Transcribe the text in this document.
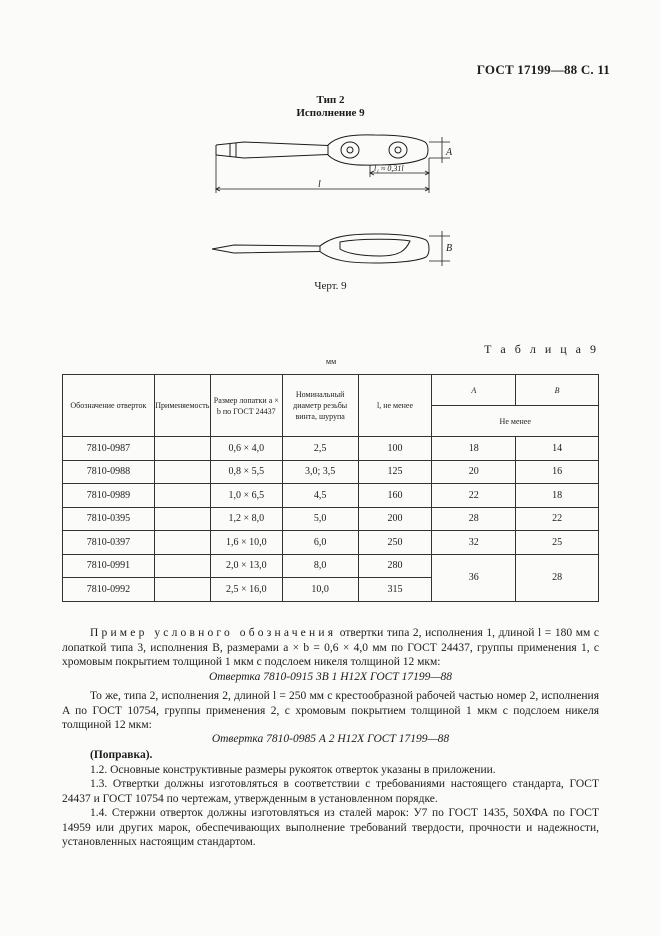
ГОСТ 17199—88 С. 11
Тип 2
Исполнение 9
A
B
l
l₁ ≈ 0,31l
Черт. 9
Т а б л и ц а 9
мм
Обозначение отверток	Применяемость	Размер лопатки a × b по ГОСТ 24437	Номинальный диаметр резьбы винта, шурупа	l, не менее	A	B
					Не менее	
7810-0987		0,6 × 4,0	2,5	100	18	14
7810-0988		0,8 × 5,5	3,0; 3,5	125	20	16
7810-0989		1,0 × 6,5	4,5	160	22	18
7810-0395		1,2 × 8,0	5,0	200	28	22
7810-0397		1,6 × 10,0	6,0	250	32	25
7810-0991		2,0 × 13,0	8,0	280	36	28
7810-0992		2,5 × 16,0	10,0	315		
Пример условного обозначения отвертки типа 2, исполнения 1, длиной l = 180 мм с лопаткой типа 3, исполнения B, размерами a × b = 0,6 × 4,0 мм по ГОСТ 24437, группы применения 1, с хромовым покрытием толщиной 1 мкм с подслоем никеля толщиной 12 мкм:
Отвертка 7810-0915 3В 1 Н12Х ГОСТ 17199—88
То же, типа 2, исполнения 2, длиной l = 250 мм с крестообразной рабочей частью номер 2, исполнения A по ГОСТ 10754, группы применения 2, с хромовым покрытием толщиной 1 мкм с подслоем никеля толщиной 12 мкм:
Отвертка 7810-0985 А 2 Н12Х ГОСТ 17199—88
(Поправка).
1.2. Основные конструктивные размеры рукояток отверток указаны в приложении.
1.3. Отвертки должны изготовляться в соответствии с требованиями настоящего стандарта, ГОСТ 24437 и ГОСТ 10754 по чертежам, утвержденным в установленном порядке.
1.4. Стержни отверток должны изготовляться из сталей марок: У7 по ГОСТ 1435, 50ХФА по ГОСТ 14959 или других марок, обеспечивающих выполнение требований твердости, прочности и надежности, установленных настоящим стандартом.
